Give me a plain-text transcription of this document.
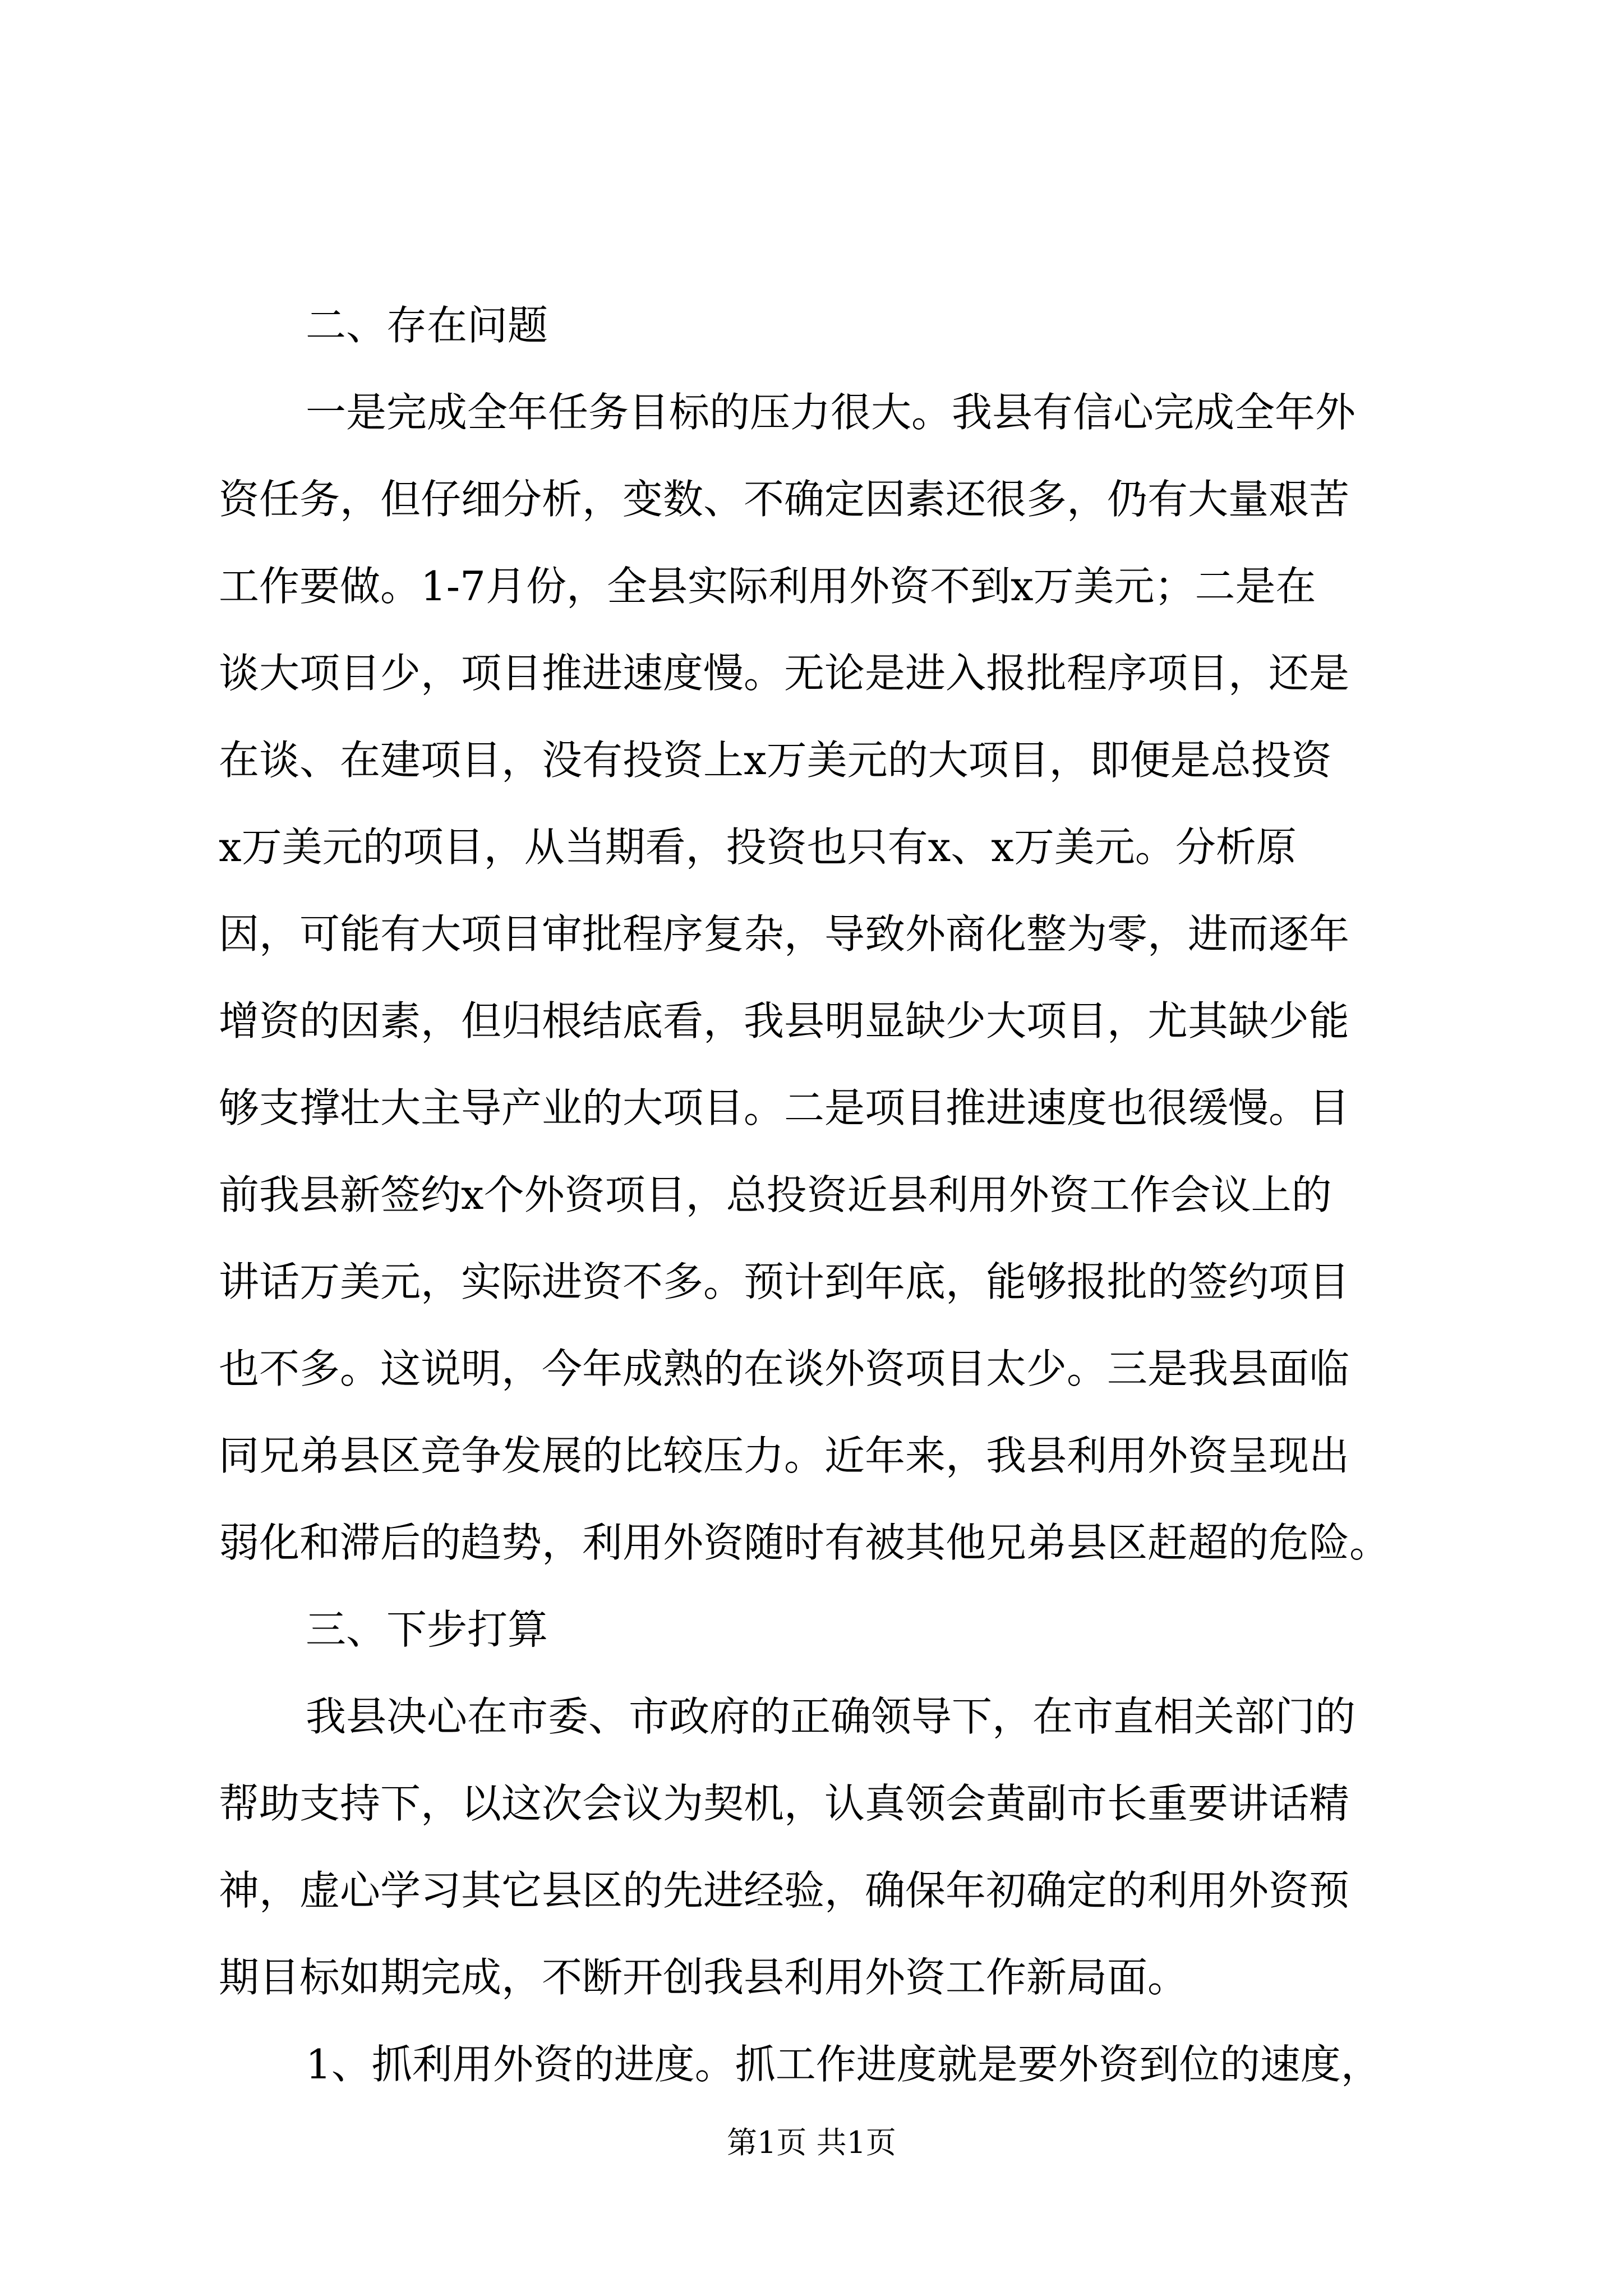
二、存在问题
一是完成全年任务目标的压力很大。我县有信心完成全年外
资任务，但仔细分析，变数、不确定因素还很多，仍有大量艰苦
工作要做。1-7月份，全县实际利用外资不到x万美元；二是在
谈大项目少，项目推进速度慢。无论是进入报批程序项目，还是
在谈、在建项目，没有投资上x万美元的大项目，即便是总投资
x万美元的项目，从当期看，投资也只有x、x万美元。分析原
因，可能有大项目审批程序复杂，导致外商化整为零，进而逐年
增资的因素，但归根结底看，我县明显缺少大项目，尤其缺少能
够支撑壮大主导产业的大项目。二是项目推进速度也很缓慢。目
前我县新签约x个外资项目，总投资近县利用外资工作会议上的
讲话万美元，实际进资不多。预计到年底，能够报批的签约项目
也不多。这说明，今年成熟的在谈外资项目太少。三是我县面临
同兄弟县区竞争发展的比较压力。近年来，我县利用外资呈现出
弱化和滞后的趋势，利用外资随时有被其他兄弟县区赶超的危险。
三、下步打算
我县决心在市委、市政府的正确领导下，在市直相关部门的
帮助支持下，以这次会议为契机，认真领会黄副市长重要讲话精
神，虚心学习其它县区的先进经验，确保年初确定的利用外资预
期目标如期完成，不断开创我县利用外资工作新局面。
1、抓利用外资的进度。抓工作进度就是要外资到位的速度，
第1页 共1页
